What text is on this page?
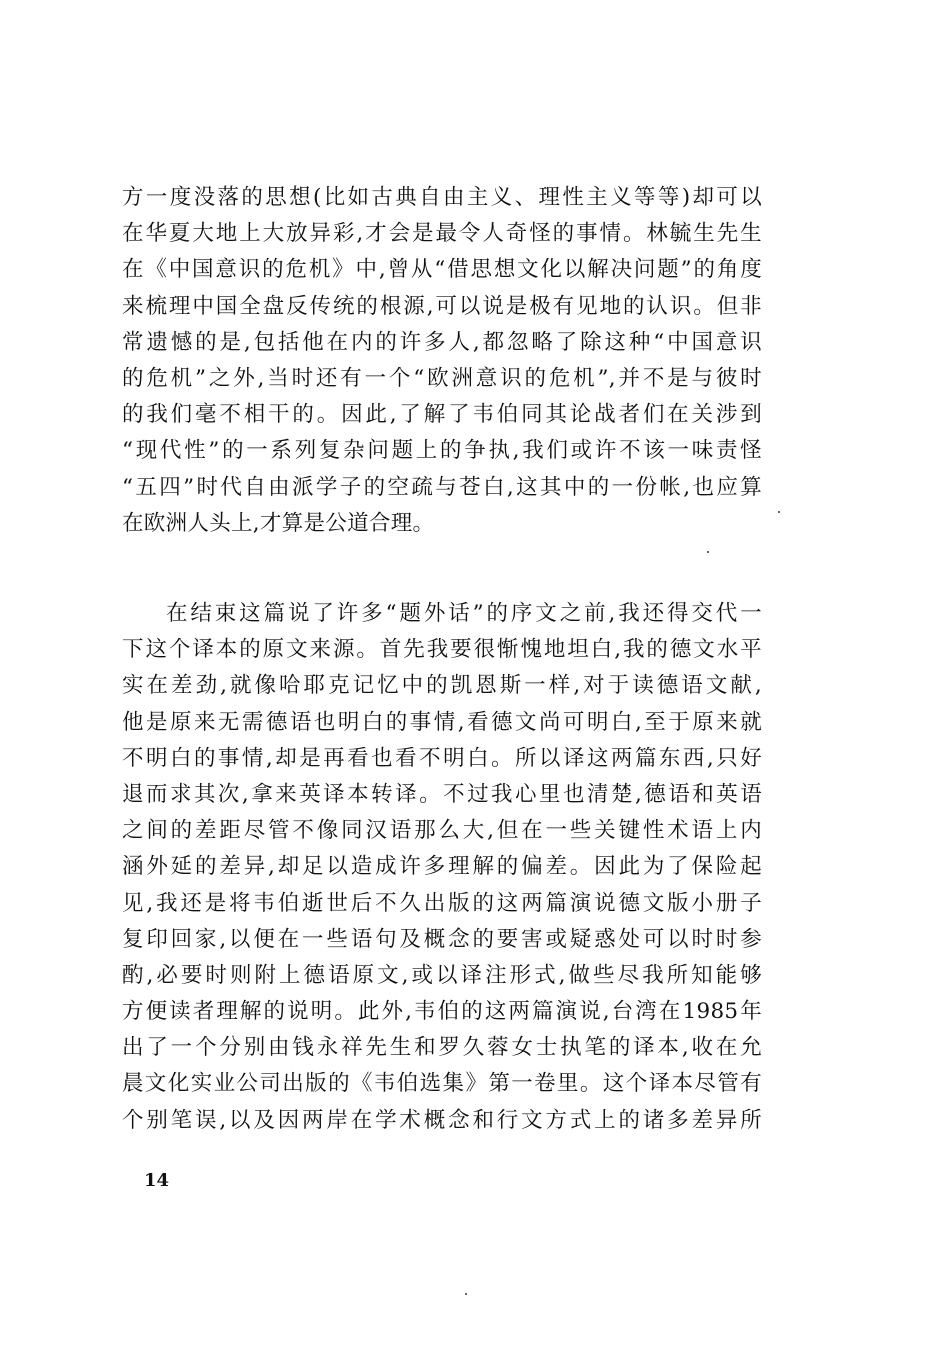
方一度没落的思想(比如古典自由主义、理性主义等等)却可以
在华夏大地上大放异彩,才会是最令人奇怪的事情。林毓生先生
在《中国意识的危机》中,曾从“借思想文化以解决问题”的角度
来梳理中国全盘反传统的根源,可以说是极有见地的认识。但非
常遗憾的是,包括他在内的许多人,都忽略了除这种“中国意识
的危机”之外,当时还有一个“欧洲意识的危机”,并不是与彼时
的我们毫不相干的。因此,了解了韦伯同其论战者们在关涉到
“现代性”的一系列复杂问题上的争执,我们或许不该一味责怪
“五四”时代自由派学子的空疏与苍白,这其中的一份帐,也应算
在欧洲人头上,才算是公道合理。
在结束这篇说了许多“题外话”的序文之前,我还得交代一
下这个译本的原文来源。首先我要很惭愧地坦白,我的德文水平
实在差劲,就像哈耶克记忆中的凯恩斯一样,对于读德语文献,
他是原来无需德语也明白的事情,看德文尚可明白,至于原来就
不明白的事情,却是再看也看不明白。所以译这两篇东西,只好
退而求其次,拿来英译本转译。不过我心里也清楚,德语和英语
之间的差距尽管不像同汉语那么大,但在一些关键性术语上内
涵外延的差异,却足以造成许多理解的偏差。因此为了保险起
见,我还是将韦伯逝世后不久出版的这两篇演说德文版小册子
复印回家,以便在一些语句及概念的要害或疑惑处可以时时参
酌,必要时则附上德语原文,或以译注形式,做些尽我所知能够
方便读者理解的说明。此外,韦伯的这两篇演说,台湾在1985年
出了一个分别由钱永祥先生和罗久蓉女士执笔的译本,收在允
晨文化实业公司出版的《韦伯选集》第一卷里。这个译本尽管有
个别笔误,以及因两岸在学术概念和行文方式上的诸多差异所
14
